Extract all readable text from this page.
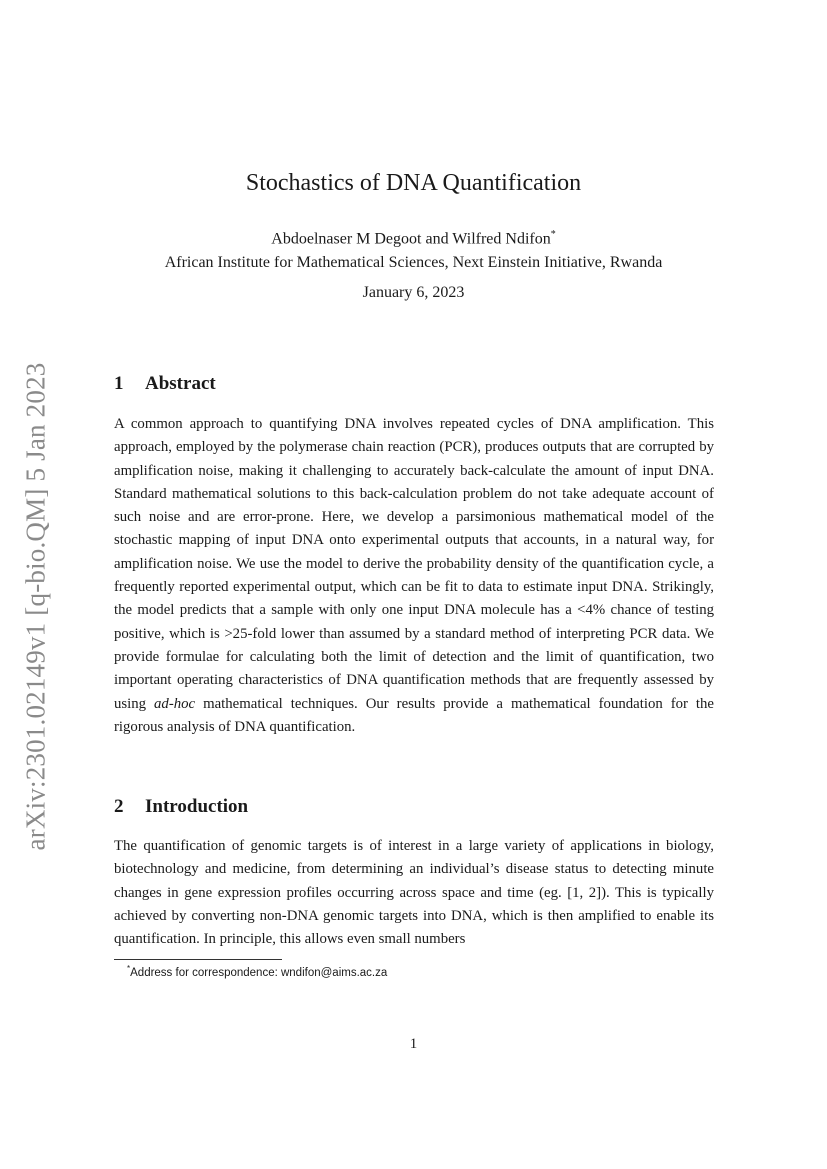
arXiv:2301.02149v1 [q-bio.QM] 5 Jan 2023
Stochastics of DNA Quantification
Abdoelnaser M Degoot and Wilfred Ndifon*
African Institute for Mathematical Sciences, Next Einstein Initiative, Rwanda
January 6, 2023
1 Abstract
A common approach to quantifying DNA involves repeated cycles of DNA amplification. This approach, employed by the polymerase chain reaction (PCR), produces outputs that are corrupted by amplification noise, making it challenging to accurately back-calculate the amount of input DNA. Standard mathematical solutions to this back-calculation problem do not take adequate account of such noise and are error-prone. Here, we develop a parsimonious mathematical model of the stochastic mapping of input DNA onto experimental outputs that accounts, in a natural way, for amplification noise. We use the model to derive the probability density of the quantification cycle, a frequently reported experimental output, which can be fit to data to estimate input DNA. Strikingly, the model predicts that a sample with only one input DNA molecule has a <4% chance of testing positive, which is >25-fold lower than assumed by a standard method of interpreting PCR data. We provide formulae for calculating both the limit of detection and the limit of quantification, two important operating characteristics of DNA quantification methods that are frequently assessed by using ad-hoc mathematical techniques. Our results provide a mathematical foundation for the rigorous analysis of DNA quantification.
2 Introduction
The quantification of genomic targets is of interest in a large variety of applications in biology, biotechnology and medicine, from determining an individual’s disease status to detecting minute changes in gene expression profiles occurring across space and time (eg. [1, 2]). This is typically achieved by converting non-DNA genomic targets into DNA, which is then amplified to enable its quantification. In principle, this allows even small numbers
*Address for correspondence: wndifon@aims.ac.za
1
